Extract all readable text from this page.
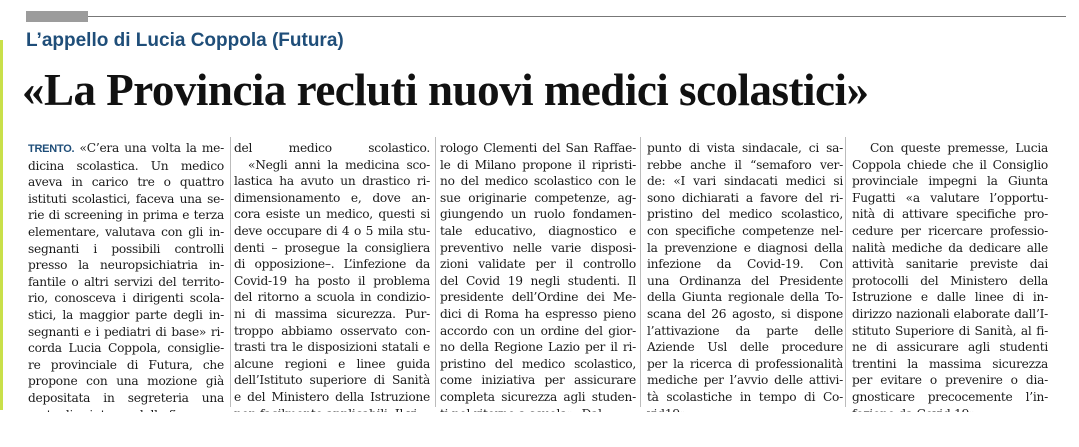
L’appello di Lucia Coppola (Futura)
«La Provincia recluti nuovi medici scolastici»
TRENTO. «C’era una volta la me-
dicina scolastica. Un medico
aveva in carico tre o quattro
istituti scolastici, faceva una se-
rie di screening in prima e terza
elementare, valutava con gli in-
segnanti i possibili controlli
presso la neuropsichiatria in-
fantile o altri servizi del territo-
rio, conosceva i dirigenti scola-
stici, la maggior parte degli in-
segnanti e i pediatri di base» ri-
corda Lucia Coppola, consiglie-
re provinciale di Futura, che
propone con una mozione già
depositata in segreteria una
del medico scolastico.
«Negli anni la medicina sco-
lastica ha avuto un drastico ri-
dimensionamento e, dove an-
cora esiste un medico, questi si
deve occupare di 4 o 5 mila stu-
denti – prosegue la consigliera
di opposizione–. L’infezione da
Covid-19 ha posto il problema
del ritorno a scuola in condizio-
ni di massima sicurezza. Pur-
troppo abbiamo osservato con-
trasti tra le disposizioni statali e
alcune regioni e linee guida
dell’Istituto superiore di Sanità
e del Ministero della Istruzione
rologo Clementi del San Raffae-
le di Milano propone il ripristi-
no del medico scolastico con le
sue originarie competenze, ag-
giungendo un ruolo fondamen-
tale educativo, diagnostico e
preventivo nelle varie disposi-
zioni validate per il controllo
del Covid 19 negli studenti. Il
presidente dell’Ordine dei Me-
dici di Roma ha espresso pieno
accordo con un ordine del gior-
no della Regione Lazio per il ri-
pristino del medico scolastico,
come iniziativa per assicurare
completa sicurezza agli studen-
punto di vista sindacale, ci sa-
rebbe anche il “semaforo ver-
de: «I vari sindacati medici si
sono dichiarati a favore del ri-
pristino del medico scolastico,
con specifiche competenze nel-
la prevenzione e diagnosi della
infezione da Covid-19. Con
una Ordinanza del Presidente
della Giunta regionale della To-
scana del 26 agosto, si dispone
l’attivazione da parte delle
Aziende Usl delle procedure
per la ricerca di professionalità
mediche per l’avvio delle attivi-
tà scolastiche in tempo di Co-
Con queste premesse, Lucia
Coppola chiede che il Consiglio
provinciale impegni la Giunta
Fugatti «a valutare l’opportu-
nità di attivare specifiche pro-
cedure per ricercare professio-
nalità mediche da dedicare alle
attività sanitarie previste dai
protocolli del Ministero della
Istruzione e dalle linee di in-
dirizzo nazionali elaborate dall’I-
stituto Superiore di Sanità, al fi-
ne di assicurare agli studenti
trentini la massima sicurezza
per evitare o prevenire o dia-
gnosticare precocemente l’in-
